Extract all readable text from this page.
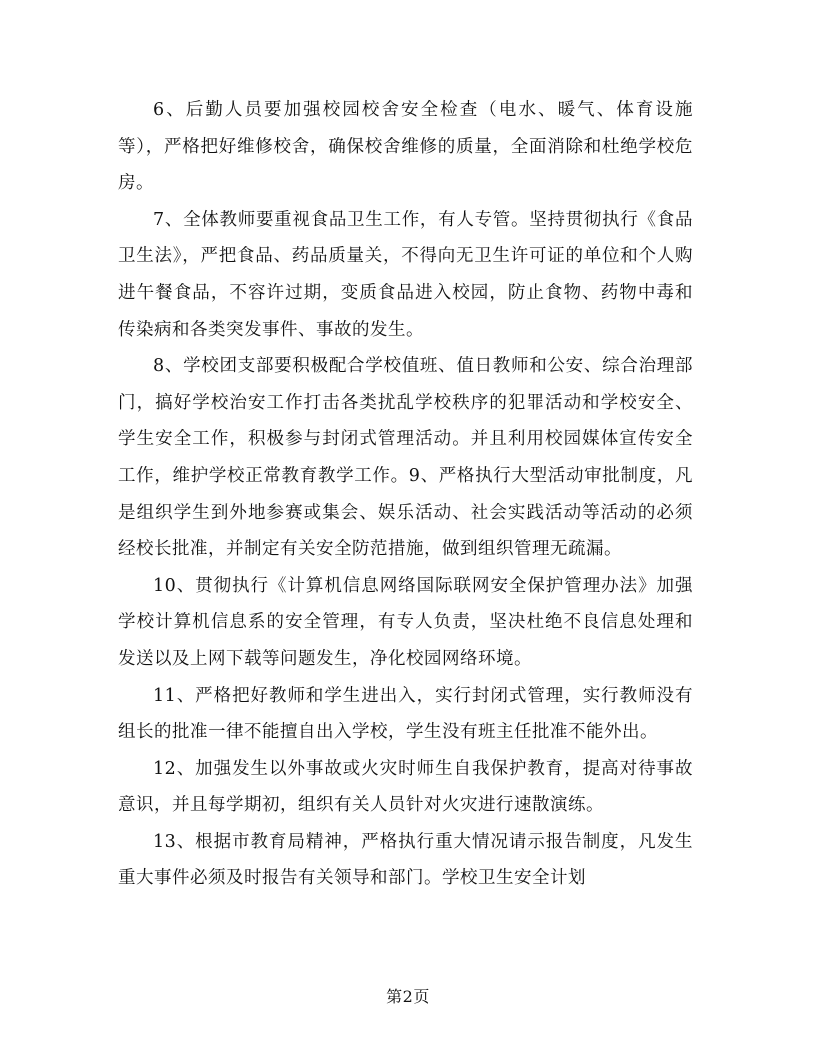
6、后勤人员要加强校园校舍安全检查（电水、暖气、体育设施等），严格把好维修校舍，确保校舍维修的质量，全面消除和杜绝学校危房。

7、全体教师要重视食品卫生工作，有人专管。坚持贯彻执行《食品卫生法》，严把食品、药品质量关，不得向无卫生许可证的单位和个人购进午餐食品，不容许过期，变质食品进入校园，防止食物、药物中毒和传染病和各类突发事件、事故的发生。

8、学校团支部要积极配合学校值班、值日教师和公安、综合治理部门，搞好学校治安工作打击各类扰乱学校秩序的犯罪活动和学校安全、学生安全工作，积极参与封闭式管理活动。并且利用校园媒体宣传安全工作，维护学校正常教育教学工作。9、严格执行大型活动审批制度，凡是组织学生到外地参赛或集会、娱乐活动、社会实践活动等活动的必须经校长批准，并制定有关安全防范措施，做到组织管理无疏漏。

10、贯彻执行《计算机信息网络国际联网安全保护管理办法》加强学校计算机信息系的安全管理，有专人负责，坚决杜绝不良信息处理和发送以及上网下载等问题发生，净化校园网络环境。

11、严格把好教师和学生进出入，实行封闭式管理，实行教师没有组长的批准一律不能擅自出入学校，学生没有班主任批准不能外出。

12、加强发生以外事故或火灾时师生自我保护教育，提高对待事故意识，并且每学期初，组织有关人员针对火灾进行速散演练。

13、根据市教育局精神，严格执行重大情况请示报告制度，凡发生重大事件必须及时报告有关领导和部门。学校卫生安全计划

第2页
